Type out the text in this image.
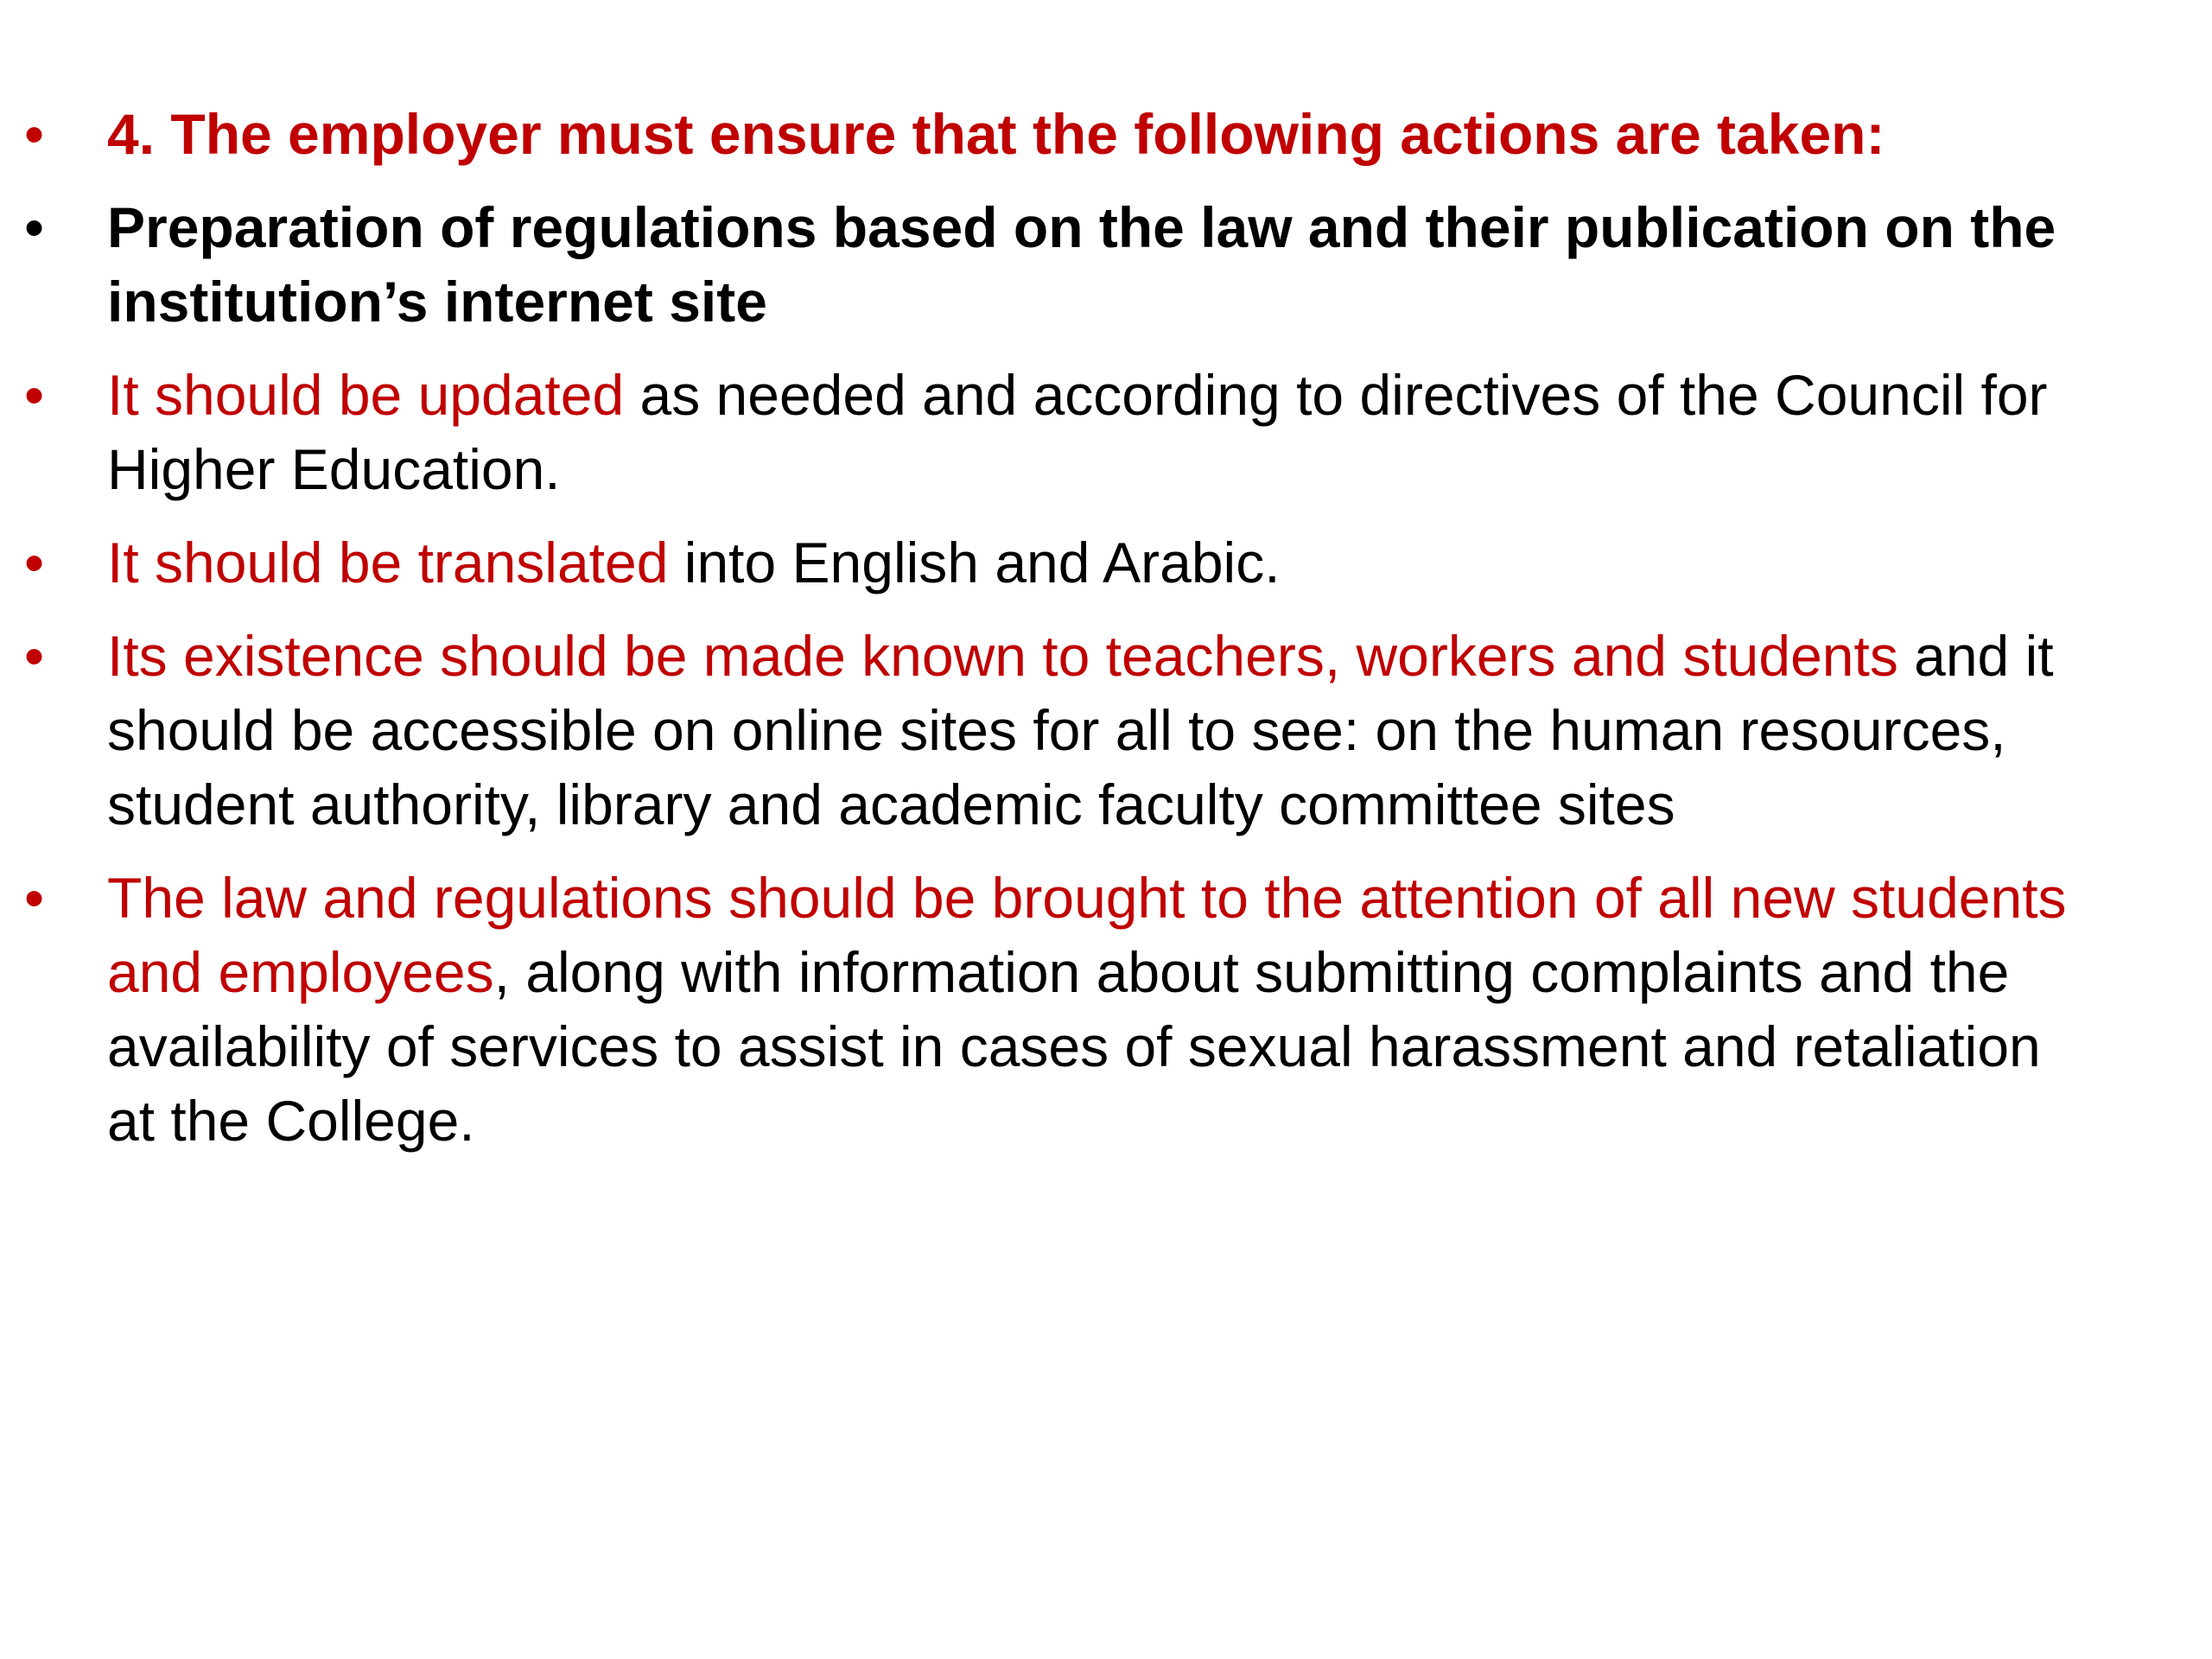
•	4. The employer must ensure that the following actions are taken:
•	Preparation of regulations based on the law and their publication on the institution’s internet site
•	It should be updated as needed and according to directives of the Council for Higher Education.
•	It should be translated into English and Arabic.
•	Its existence should be made known to teachers, workers and students and it should be accessible on online sites for all to see: on the human resources, student authority, library and academic faculty committee sites
•	The law and regulations should be brought to the attention of all new students and employees, along with information about submitting complaints and the availability of services to assist in cases of sexual harassment and retaliation at the College.
